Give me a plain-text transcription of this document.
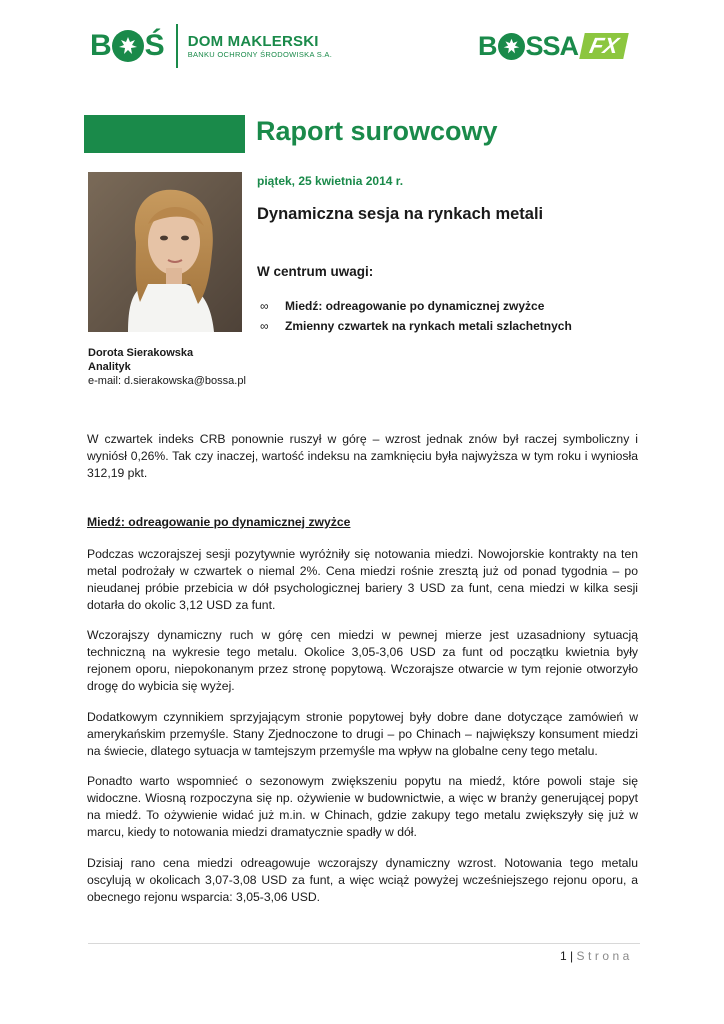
B Ś DOM MAKLERSKI
BANKU OCHRONY ŚRODOWISKA S.A.	B SSA FX
Raport surowcowy
piątek, 25 kwietnia 2014 r.
Dynamiczna sesja na rynkach metali
W centrum uwagi:
∞	Miedź: odreagowanie po dynamicznej zwyżce
∞	Zmienny czwartek na rynkach metali szlachetnych
Dorota Sierakowska
Analityk
e-mail: d.sierakowska@bossa.pl

W czwartek indeks CRB ponownie ruszył w górę – wzrost jednak znów był raczej symboliczny i wyniósł 0,26%. Tak czy inaczej, wartość indeksu na zamknięciu była najwyższa w tym roku i wyniosła 312,19 pkt.

Miedź: odreagowanie po dynamicznej zwyżce

Podczas wczorajszej sesji pozytywnie wyróżniły się notowania miedzi. Nowojorskie kontrakty na ten metal podrożały w czwartek o niemal 2%. Cena miedzi rośnie zresztą już od ponad tygodnia – po nieudanej próbie przebicia w dół psychologicznej bariery 3 USD za funt, cena miedzi w kilka sesji dotarła do okolic 3,12 USD za funt.

Wczorajszy dynamiczny ruch w górę cen miedzi w pewnej mierze jest uzasadniony sytuacją techniczną na wykresie tego metalu. Okolice 3,05-3,06 USD za funt od początku kwietnia były rejonem oporu, niepokonanym przez stronę popytową. Wczorajsze otwarcie w tym rejonie otworzyło drogę do wybicia się wyżej.

Dodatkowym czynnikiem sprzyjającym stronie popytowej były dobre dane dotyczące zamówień w amerykańskim przemyśle. Stany Zjednoczone to drugi – po Chinach – największy konsument miedzi na świecie, dlatego sytuacja w tamtejszym przemyśle ma wpływ na globalne ceny tego metalu.

Ponadto warto wspomnieć o sezonowym zwiększeniu popytu na miedź, które powoli staje się widoczne. Wiosną rozpoczyna się np. ożywienie w budownictwie, a więc w branży generującej popyt na miedź. To ożywienie widać już m.in. w Chinach, gdzie zakupy tego metalu zwiększyły się już w marcu, kiedy to notowania miedzi dramatycznie spadły w dół.

Dzisiaj rano cena miedzi odreagowuje wczorajszy dynamiczny wzrost. Notowania tego metalu oscylują w okolicach 3,07-3,08 USD za funt, a więc wciąż powyżej wcześniejszego rejonu oporu, a obecnego rejonu wsparcia: 3,05-3,06 USD.

1 | Strona
